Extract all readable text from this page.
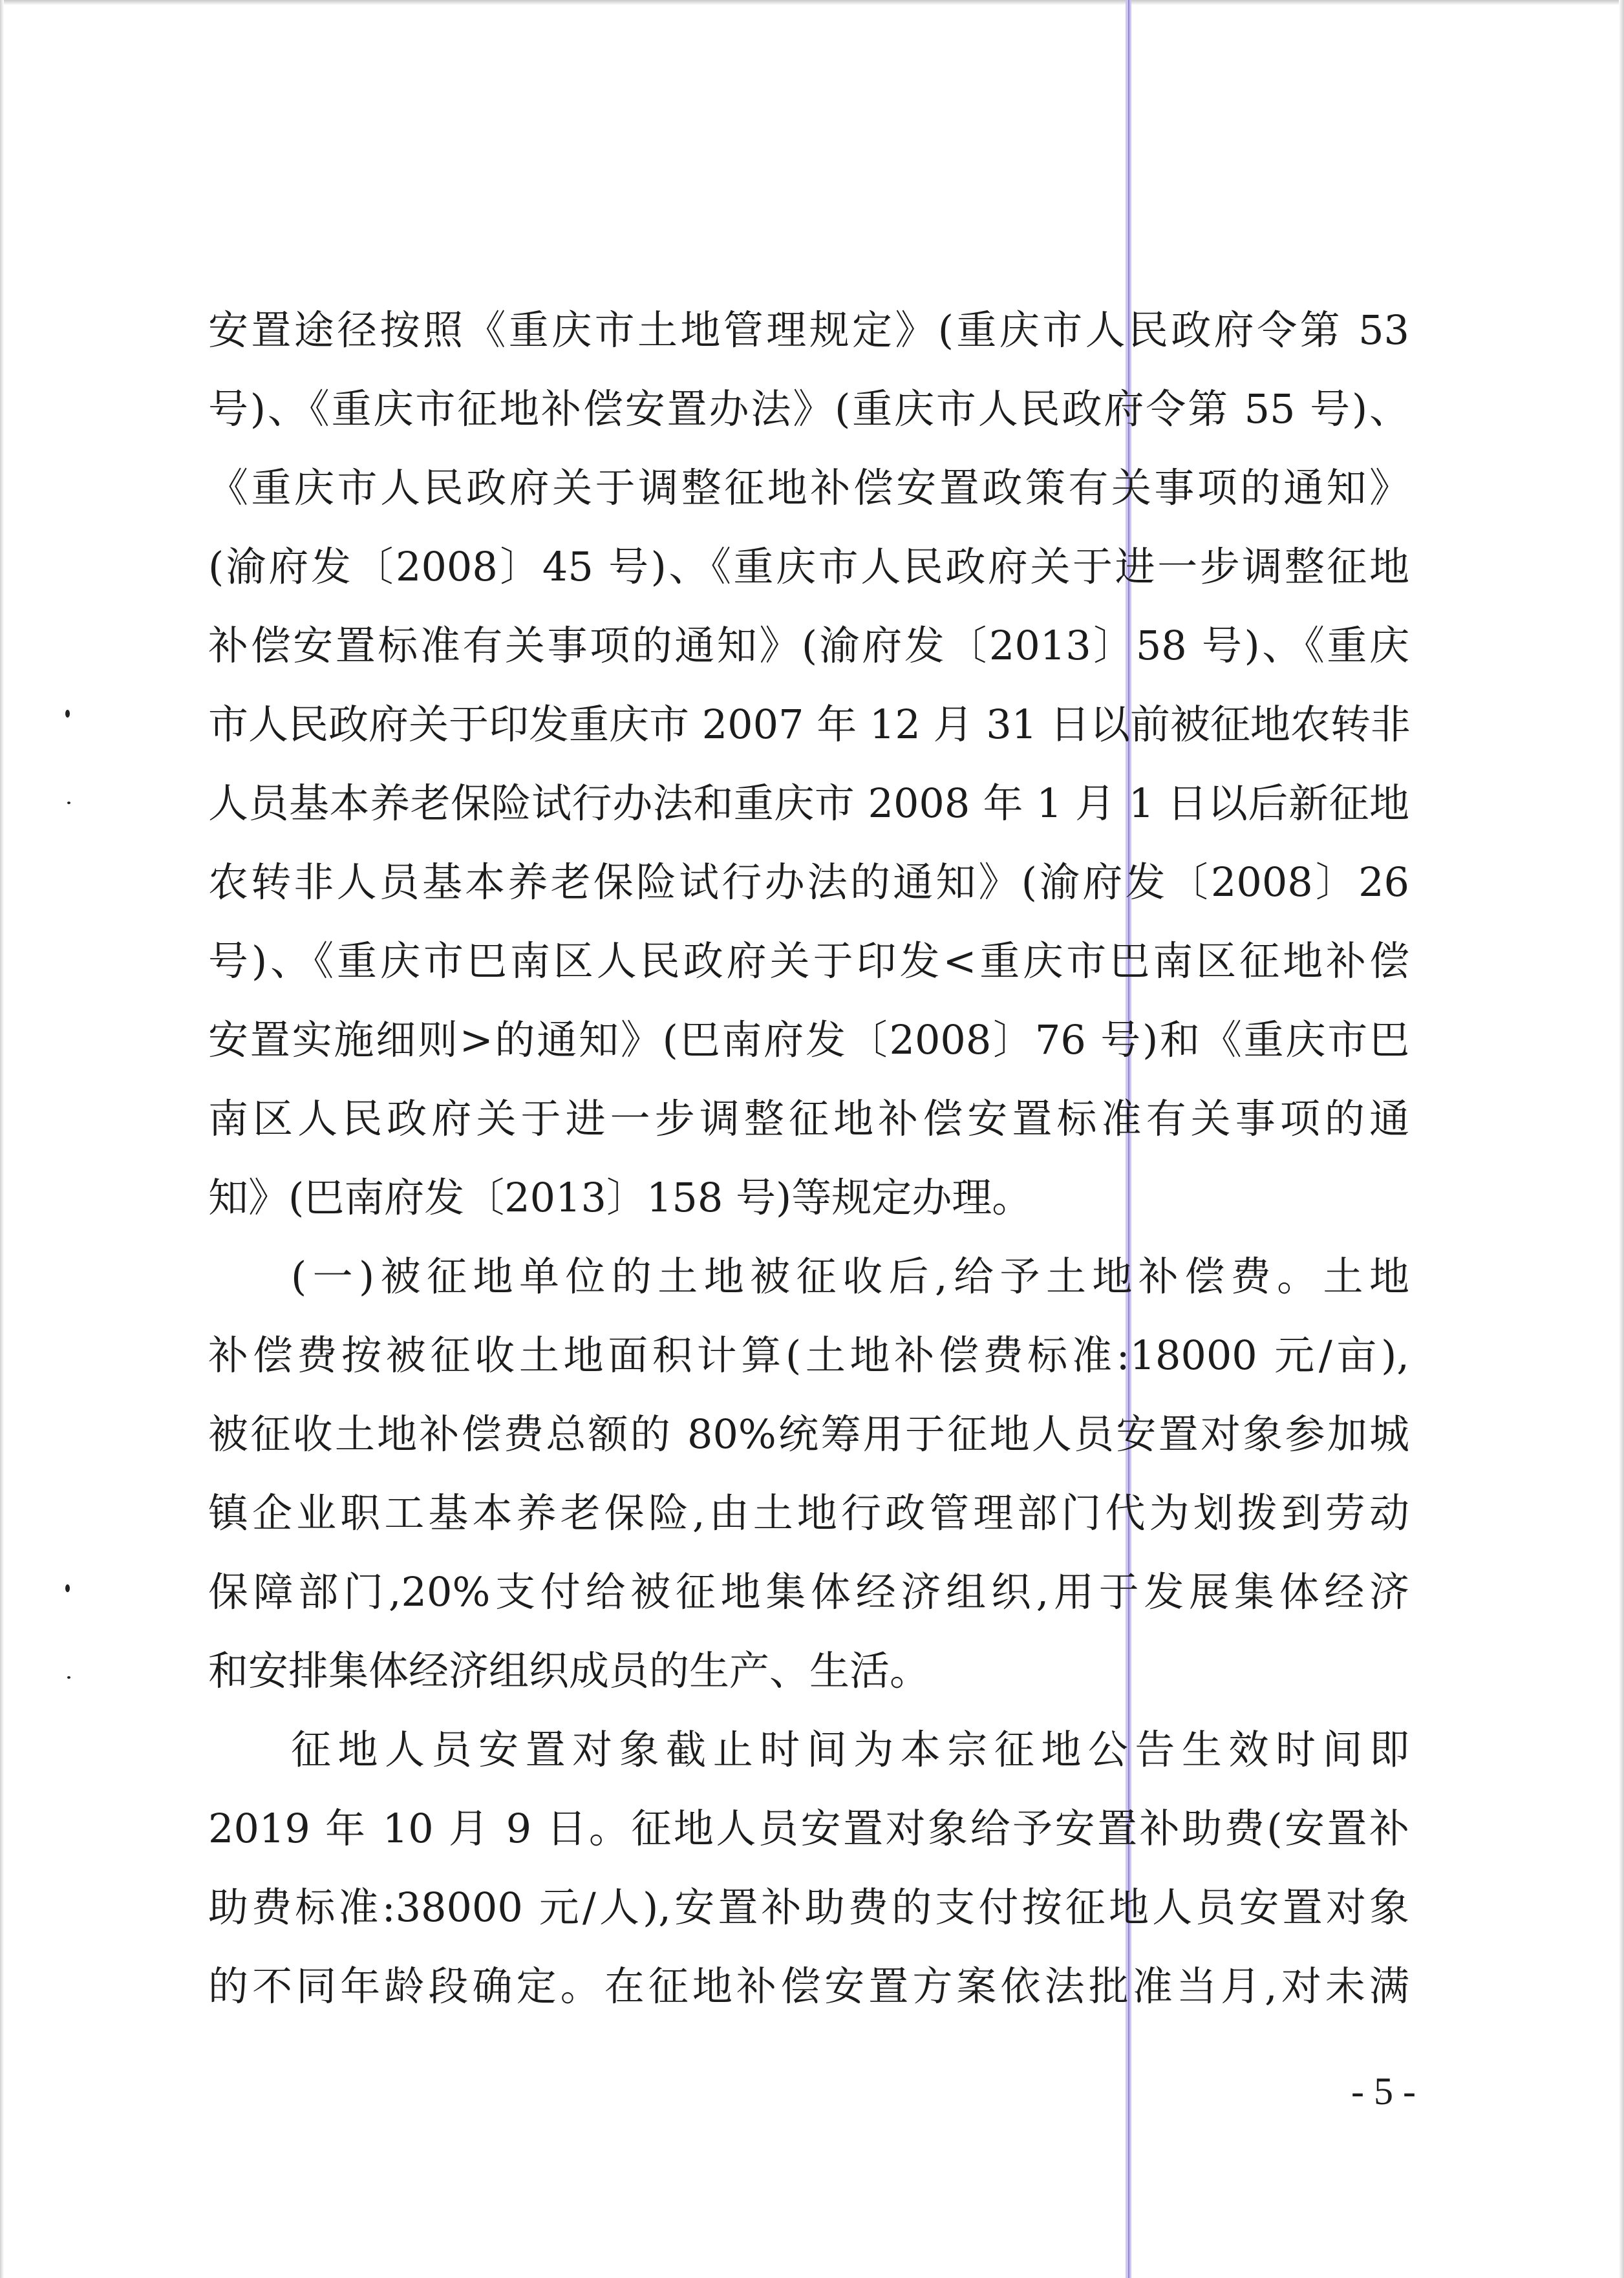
安置途径按照《重庆市土地管理规定》(重庆市人民政府令第 53
号)、《重庆市征地补偿安置办法》(重庆市人民政府令第 55 号)、
《重庆市人民政府关于调整征地补偿安置政策有关事项的通知》
(渝府发〔2008〕45 号)、《重庆市人民政府关于进一步调整征地
补偿安置标准有关事项的通知》(渝府发〔2013〕58 号)、《重庆
市人民政府关于印发重庆市 2007 年 12 月 31 日以前被征地农转非
人员基本养老保险试行办法和重庆市 2008 年 1 月 1 日以后新征地
农转非人员基本养老保险试行办法的通知》(渝府发〔2008〕26
号)、《重庆市巴南区人民政府关于印发<重庆市巴南区征地补偿
安置实施细则>的通知》(巴南府发〔2008〕76 号)和《重庆市巴
南区人民政府关于进一步调整征地补偿安置标准有关事项的通
知》(巴南府发〔2013〕158 号)等规定办理。
(一)被征地单位的土地被征收后,给予土地补偿费。土地
补偿费按被征收土地面积计算(土地补偿费标准:18000 元/亩),
被征收土地补偿费总额的 80%统筹用于征地人员安置对象参加城
镇企业职工基本养老保险,由土地行政管理部门代为划拨到劳动
保障部门,20%支付给被征地集体经济组织,用于发展集体经济
和安排集体经济组织成员的生产、生活。
征地人员安置对象截止时间为本宗征地公告生效时间即
2019 年 10 月 9 日。征地人员安置对象给予安置补助费(安置补
助费标准:38000 元/人),安置补助费的支付按征地人员安置对象
的不同年龄段确定。在征地补偿安置方案依法批准当月,对未满
- 5 -
